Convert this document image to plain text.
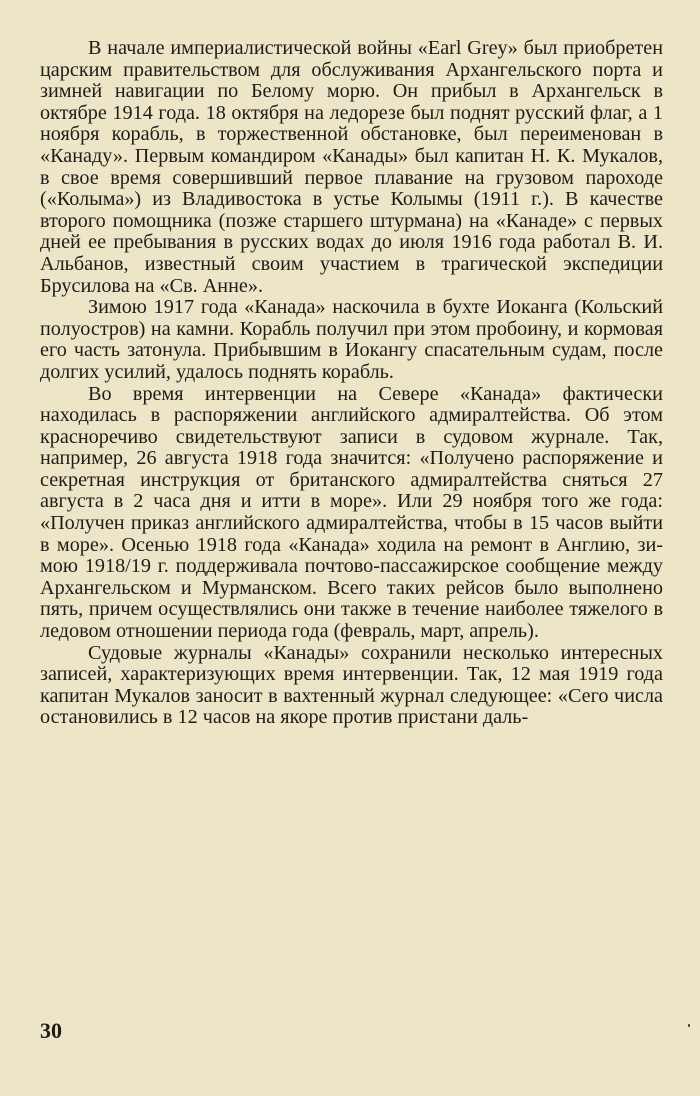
В начале империалистической войны «Earl Grey» был приобретен царским правительством для обслуживания Архангельского порта и зимней навигации по Белому морю. Он прибыл в Архангельск в октябре 1914 года. 18 октября на ледорезе был поднят русский флаг, а 1 ноября корабль, в торжественной обстановке, был переименован в «Канаду». Первым командиром «Канады» был капитан Н. К. Мукалов, в свое время совершивший первое плавание на грузовом пароходе («Колыма») из Владивостока в устье Колымы (1911 г.). В качестве второго помощника (позже старшего штурмана) на «Канаде» с первых дней ее пребывания в русских водах до июля 1916 года работал В. И. Альбанов, известный своим участием в трагической экспедиции Брусилова на «Св. Анне».

Зимою 1917 года «Канада» наскочила в бухте Иоканга (Кольский полуостров) на камни. Корабль получил при этом пробоину, и кормовая его часть затонула. Прибывшим в Иокангу спасательным судам, после долгих усилий, удалось поднять корабль.

Во время интервенции на Севере «Канада» фактически находилась в распоряжении английского адмиралтейства. Об этом красноречиво свидетельствуют записи в судовом журнале. Так, например, 26 августа 1918 года значится: «Получено распоряжение и секретная инструкция от британского адмиралтейства сняться 27 августа в 2 часа дня и итти в море». Или 29 ноября того же года: «Получен приказ английского адмиралтейства, чтобы в 15 часов выйти в море». Осенью 1918 года «Канада» ходила на ремонт в Англию, зимою 1918/19 г. поддерживала почтово-пассажирское сообщение между Архангельском и Мурманском. Всего таких рейсов было выполнено пять, причем осуществлялись они также в течение наиболее тяжелого в ледовом отношении периода года (февраль, март, апрель).

Судовые журналы «Канады» сохранили несколько интересных записей, характеризующих время интервенции. Так, 12 мая 1919 года капитан Мукалов заносит в вахтенный журнал следующее: «Сего числа остановились в 12 часов на якоре против пристани даль-

30
